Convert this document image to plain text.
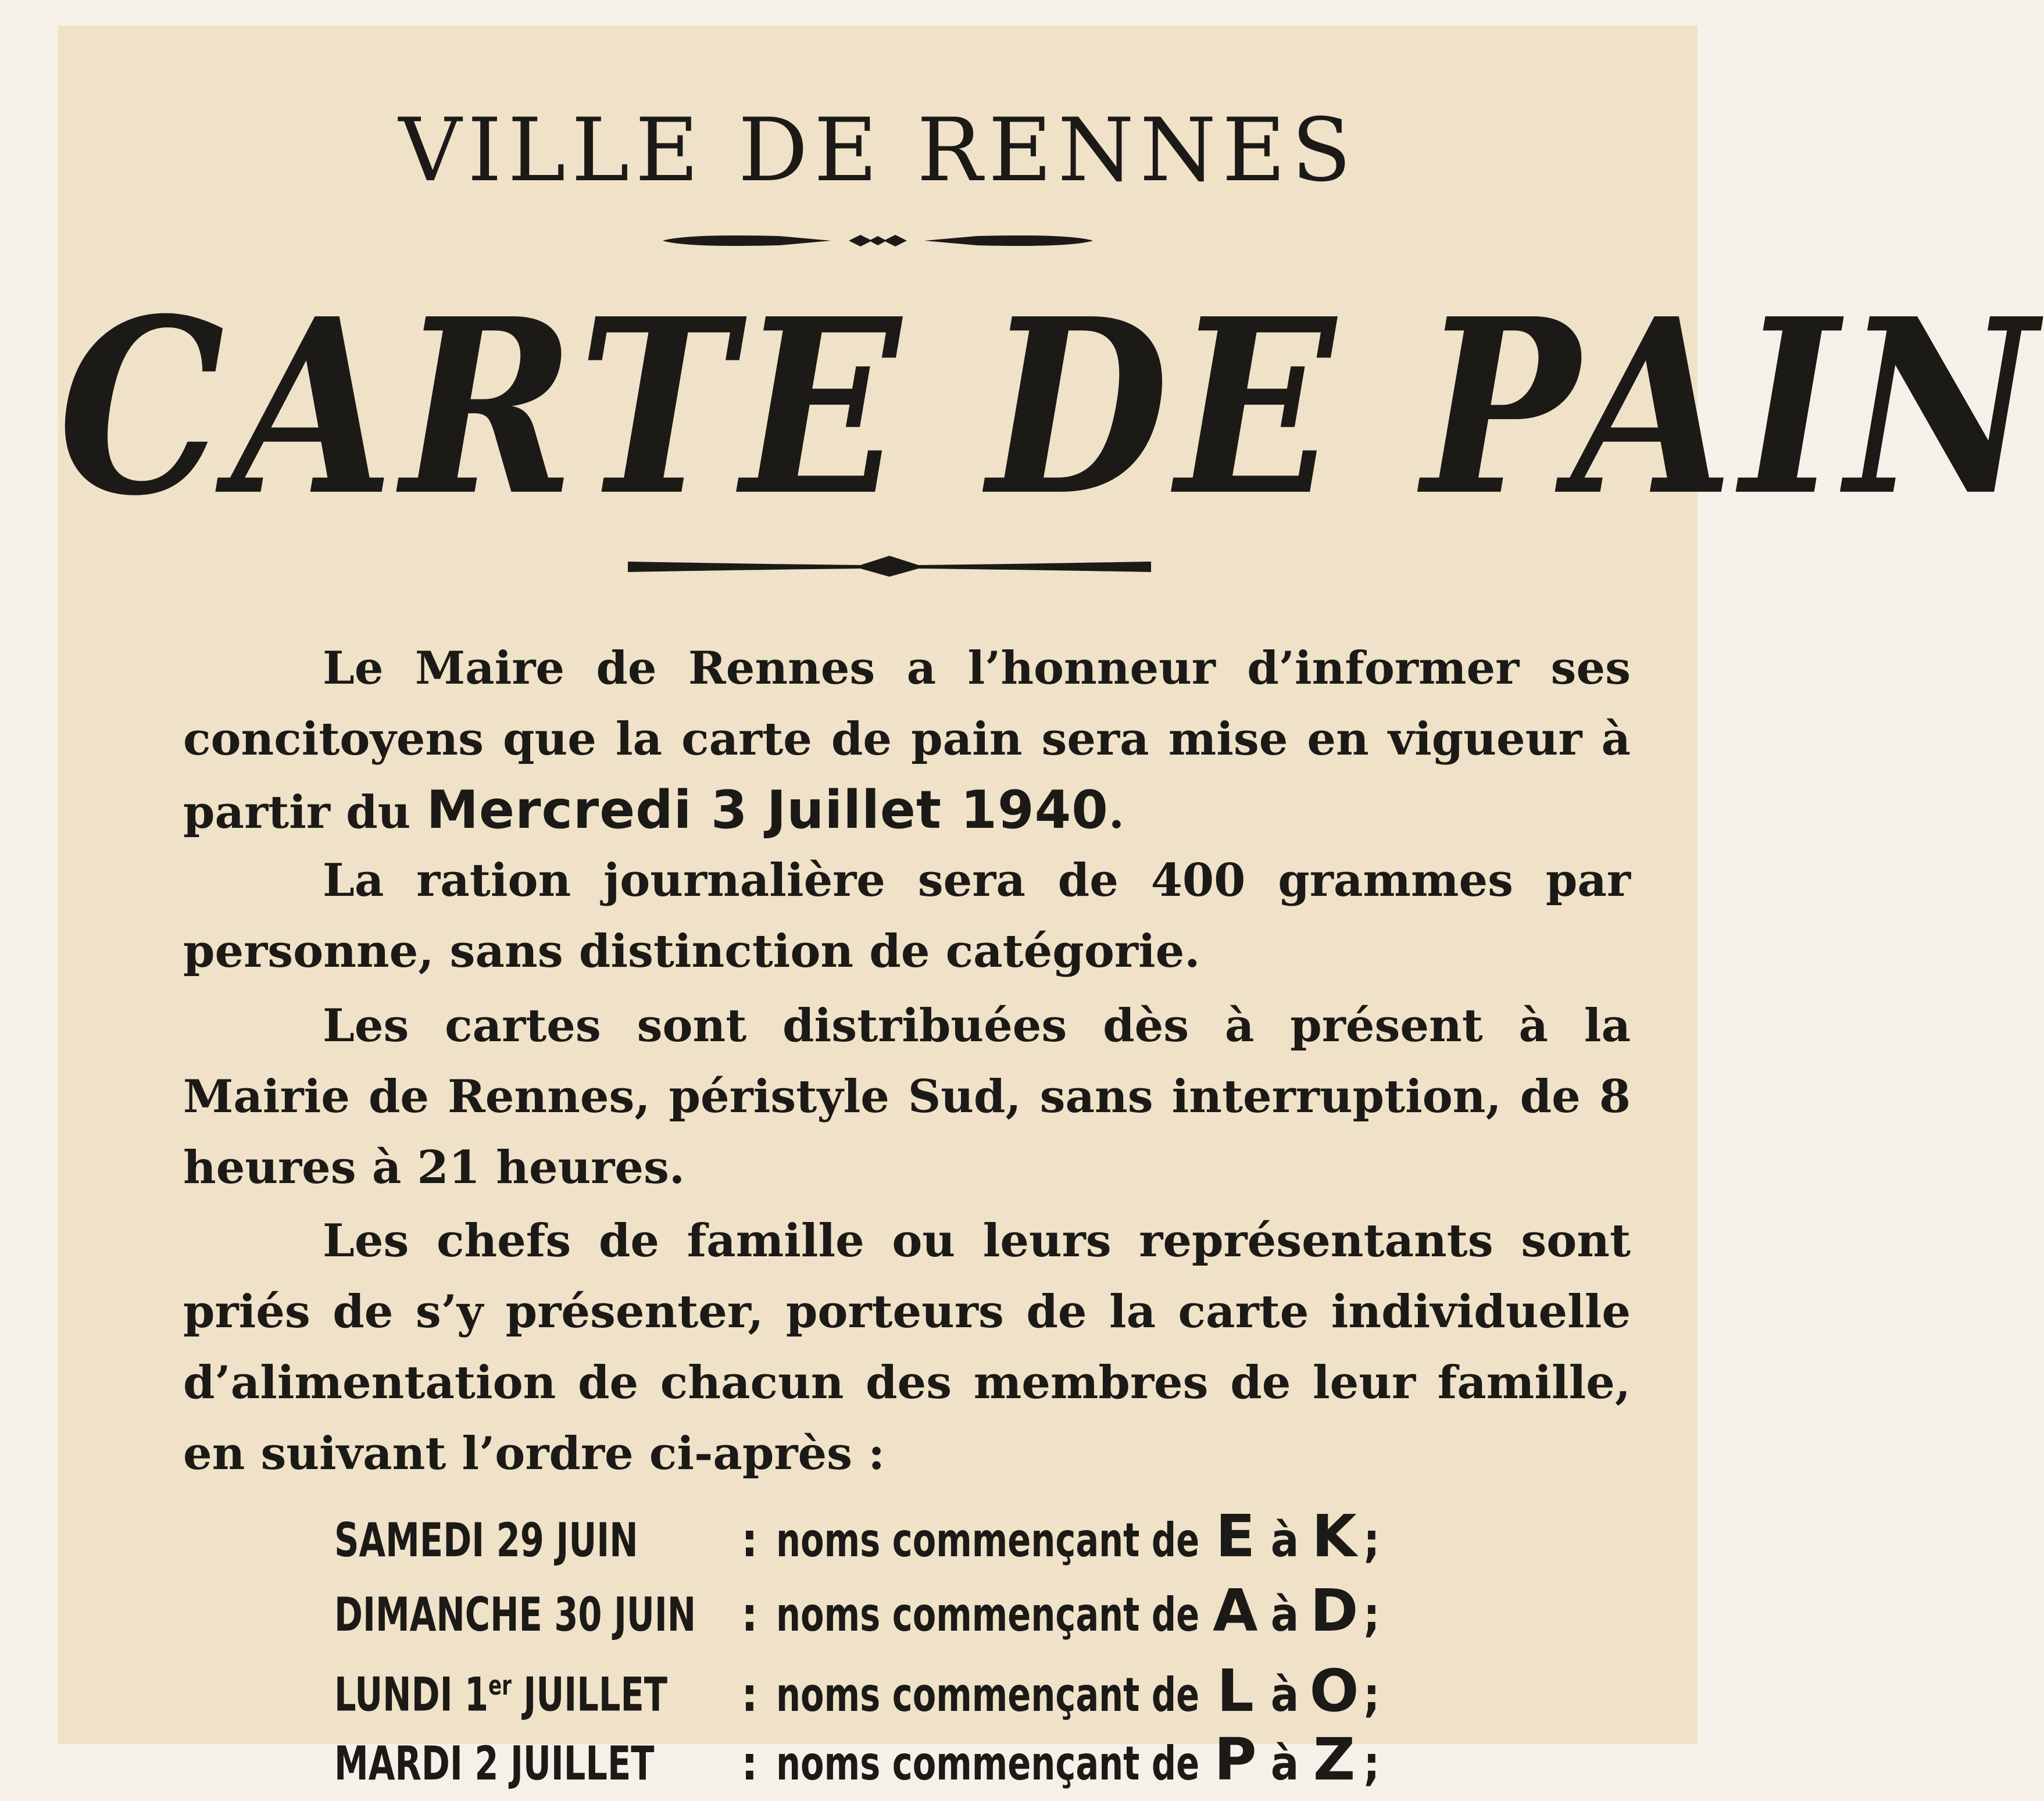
VILLE DE RENNES
CARTE DE PAIN

Le Maire de Rennes a l’honneur d’informer ses concitoyens que la carte de pain sera mise en vigueur à partir du Mercredi 3 Juillet 1940.

La ration journalière sera de 400 grammes par personne, sans distinction de catégorie.

Les cartes sont distribuées dès à présent à la Mairie de Rennes, péristyle Sud, sans interruption, de 8 heures à 21 heures.

Les chefs de famille ou leurs représentants sont priés de s’y présenter, porteurs de la carte individuelle d’alimentation de chacun des membres de leur famille, en suivant l’ordre ci-après :

SAMEDI 29 JUIN	: noms commençant de E à K ;
DIMANCHE 30 JUIN : noms commençant de A à D ;
LUNDI 1er JUILLET : noms commençant de L à O ;
MARDI 2 JUILLET : noms commençant de P à Z ;
